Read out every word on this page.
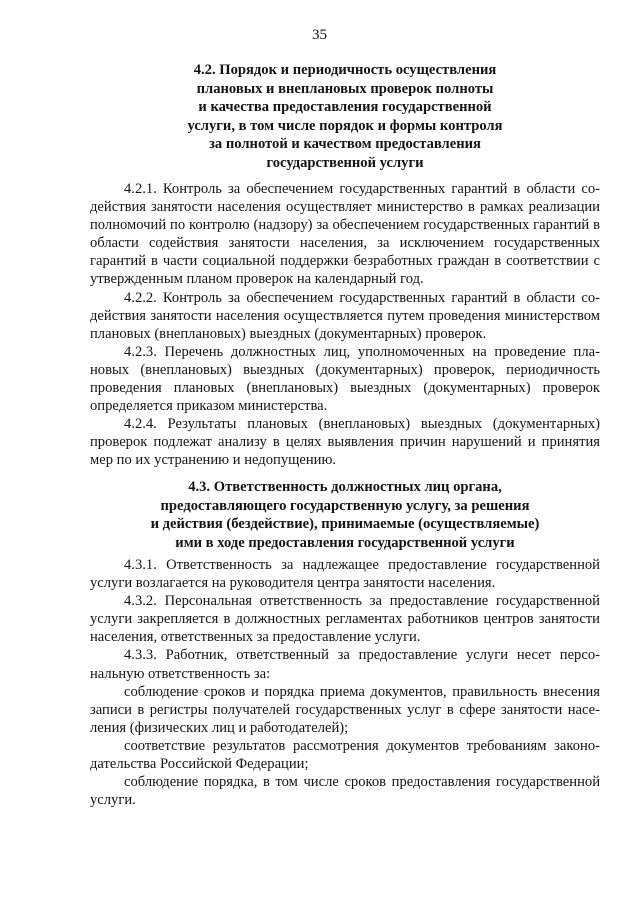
35
4.2. Порядок и периодичность осуществления
плановых и внеплановых проверок полноты
и качества предоставления государственной
услуги, в том числе порядок и формы контроля
за полнотой и качеством предоставления
государственной услуги

4.2.1. Контроль за обеспечением государственных гарантий в области содействия занятости населения осуществляет министерство в рамках реализации полномочий по контролю (надзору) за обеспечением государственных гарантий в области содействия занятости населения, за исключением государственных гарантий в части социальной поддержки безработных граждан в соответствии с утвержденным планом проверок на календарный год.

4.2.2. Контроль за обеспечением государственных гарантий в области содействия занятости населения осуществляется путем проведения министерством плановых (внеплановых) выездных (документарных) проверок.

4.2.3. Перечень должностных лиц, уполномоченных на проведение плановых (внеплановых) выездных (документарных) проверок, периодичность проведения плановых (внеплановых) выездных (документарных) проверок определяется приказом министерства.

4.2.4. Результаты плановых (внеплановых) выездных (документарных) проверок подлежат анализу в целях выявления причин нарушений и принятия мер по их устранению и недопущению.

4.3. Ответственность должностных лиц органа,
предоставляющего государственную услугу, за решения
и действия (бездействие), принимаемые (осуществляемые)
ими в ходе предоставления государственной услуги

4.3.1. Ответственность за надлежащее предоставление государственной услуги возлагается на руководителя центра занятости населения.

4.3.2. Персональная ответственность за предоставление государственной услуги закрепляется в должностных регламентах работников центров занятости населения, ответственных за предоставление услуги.

4.3.3. Работник, ответственный за предоставление услуги несет персональную ответственность за:

соблюдение сроков и порядка приема документов, правильность внесения записи в регистры получателей государственных услуг в сфере занятости населения (физических лиц и работодателей);

соответствие результатов рассмотрения документов требованиям законодательства Российской Федерации;

соблюдение порядка, в том числе сроков предоставления государственной услуги.
